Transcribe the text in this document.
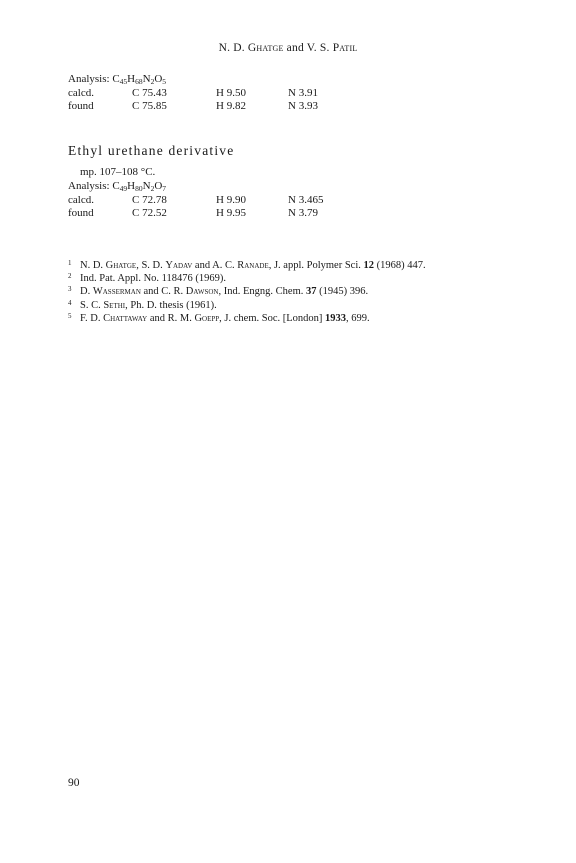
N. D. Ghatge and V. S. Patil
Analysis: $C_{45}H_{68}N_2O_5$
calcd.	C 75.43	H 9.50	N 3.91
found	C 75.85	H 9.82	N 3.93
Ethyl urethane derivative
mp. 107–108 °C.
Analysis: $C_{49}H_{80}N_2O_7$
calcd.	C 72.78	H 9.90	N 3.465
found	C 72.52	H 9.95	N 3.79
1 N. D. Ghatge, S. D. Yadav and A. C. Ranade, J. appl. Polymer Sci. 12 (1968) 447.
2 Ind. Pat. Appl. No. 118476 (1969).
3 D. Wasserman and C. R. Dawson, Ind. Engng. Chem. 37 (1945) 396.
4 S. C. Sethi, Ph. D. thesis (1961).
5 F. D. Chattaway and R. M. Goepp, J. chem. Soc. [London] 1933, 699.
90
